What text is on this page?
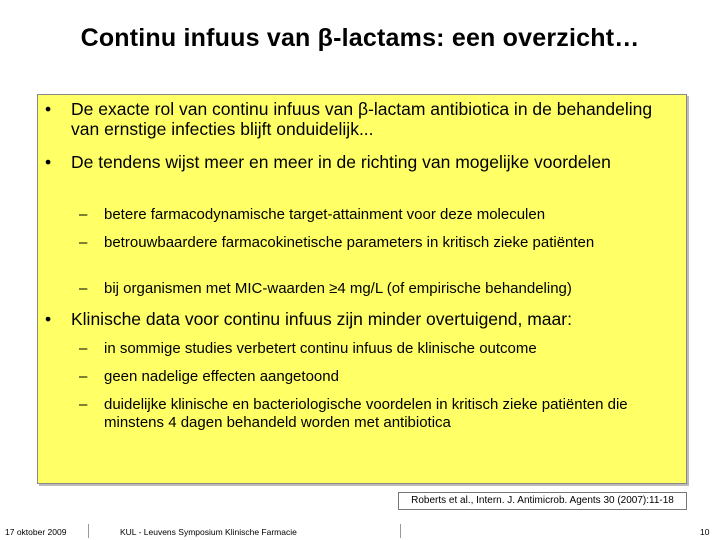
Continu infuus van β-lactams: een overzicht…
• De exacte rol van continu infuus van β-lactam antibiotica in de behandeling van ernstige infecties blijft onduidelijk...
• De tendens wijst meer en meer in de richting van mogelijke voordelen
– betere farmacodynamische target-attainment voor deze moleculen
– betrouwbaardere farmacokinetische parameters in kritisch zieke patiënten
– bij organismen met MIC-waarden ≥4 mg/L (of empirische behandeling)
• Klinische data voor continu infuus zijn minder overtuigend, maar:
– in sommige studies verbetert continu infuus de klinische outcome
– geen nadelige effecten aangetoond
– duidelijke klinische en bacteriologische voordelen in kritisch zieke patiënten die minstens 4 dagen behandeld worden met antibiotica
Roberts et al., Intern. J. Antimicrob. Agents 30 (2007):11-18
17 oktober 2009	KUL - Leuvens Symposium Klinische Farmacie	10
